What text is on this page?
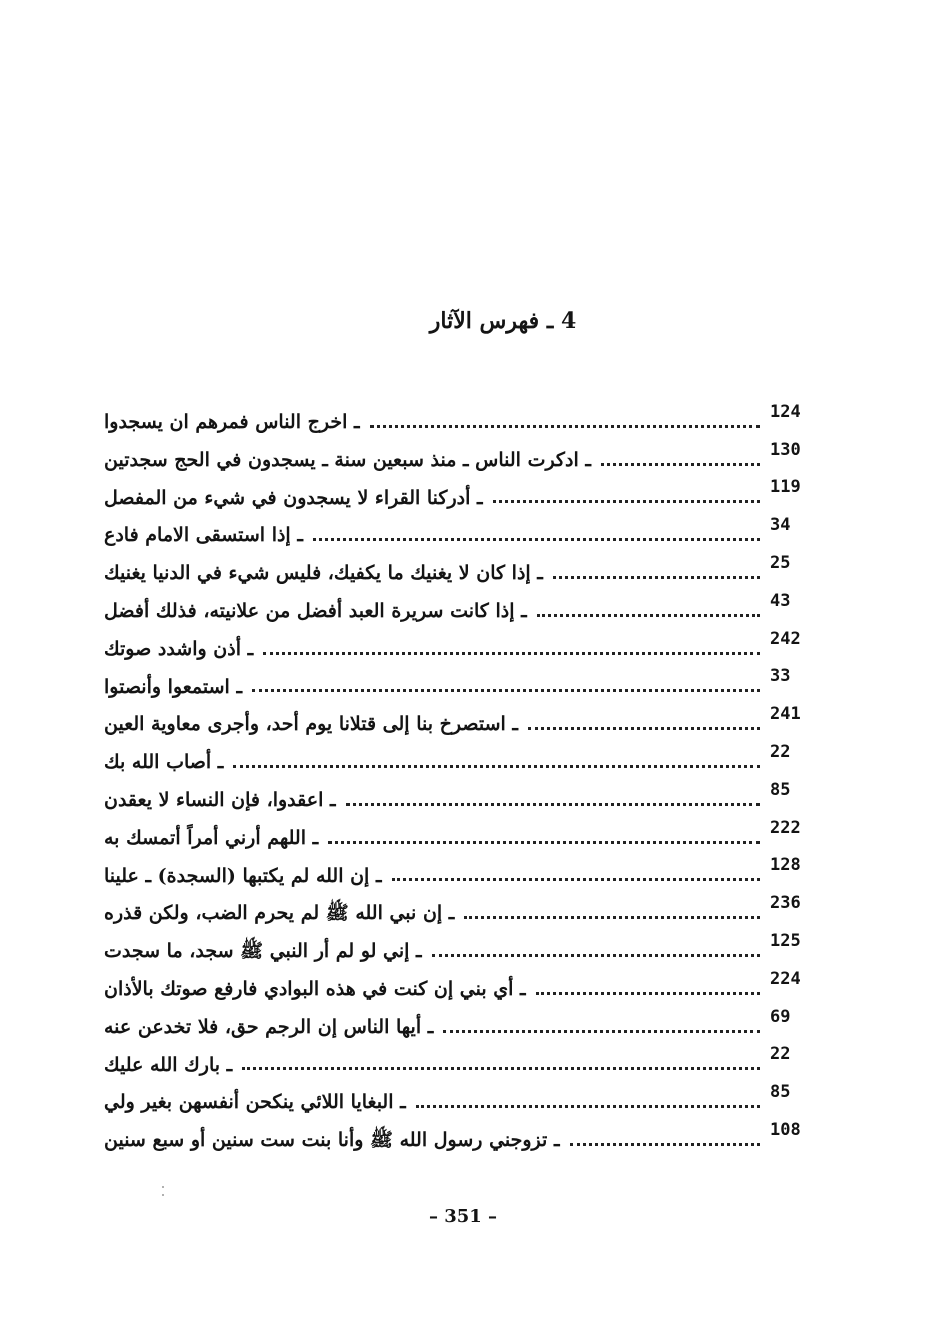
4 ـ فهرس الآثار
ـ اخرج الناس فمرهم ان يسجدوا	124
ـ ادكرت الناس ـ منذ سبعين سنة ـ يسجدون في الحج سجدتين	130
ـ أدركنا القراء لا يسجدون في شيء من المفصل	119
ـ إذا استسقى الامام فادع	34
ـ إذا كان لا يغنيك ما يكفيك، فليس شيء في الدنيا يغنيك	25
ـ إذا كانت سريرة العبد أفضل من علانيته، فذلك أفضل	43
ـ أذن واشدد صوتك	242
ـ استمعوا وأنصتوا	33
ـ استصرخ بنا إلى قتلانا يوم أحد، وأجرى معاوية العين	241
ـ أصاب الله بك	22
ـ اعقدوا، فإن النساء لا يعقدن	85
ـ اللهم أرني أمراً أتمسك به	222
ـ إن الله لم يكتبها (السجدة) ـ علينا	128
ـ إن نبي الله ﷺ لم يحرم الضب، ولكن قذره	236
ـ إني لو لم أر النبي ﷺ سجد، ما سجدت	125
ـ أي بني إن كنت في هذه البوادي فارفع صوتك بالأذان	224
ـ أيها الناس إن الرجم حق، فلا تخدعن عنه	69
ـ بارك الله عليك	22
ـ البغايا اللائي ينكحن أنفسهن بغير ولي	85
ـ تزوجني رسول الله ﷺ وأنا بنت ست سنين أو سبع سنين	108
– 351 –
